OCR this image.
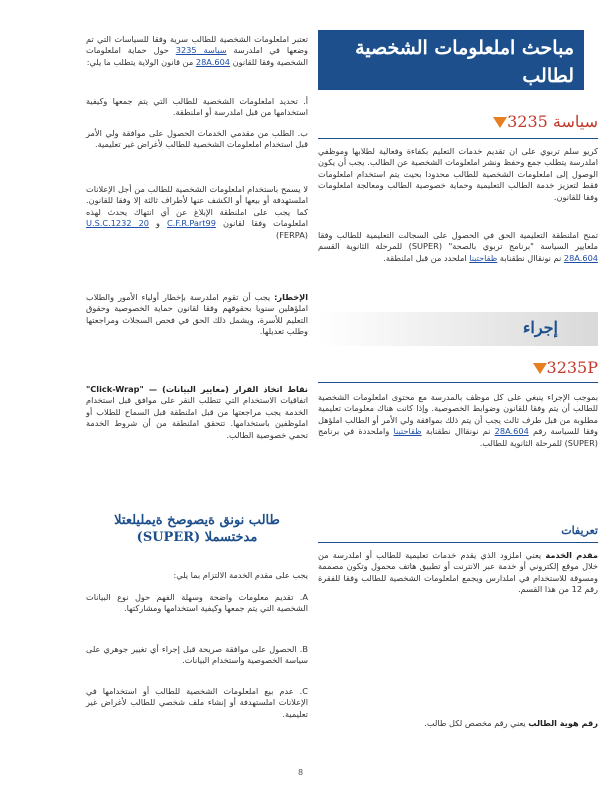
مباحث املعلومات الشخصية لطالب
سياسة 3235
كريو سلم تربوي على ان تقديم خدمات التعليم بكفاءة وفعالية لطلابها وموظفي املدرسة يتطلب جمع وحفظ ونشر املعلومات الشخصية عن الطالب. يجب أن يكون الوصول إلى املعلومات الشخصية للطالب محدودا بحيث يتم استخدام املعلومات فقط لتعزيز خدمة الطالب التعليمية وحماية خصوصية الطالب ومعالجة املعلومات وفقا للقانون.
تمنح املنطقة التعليمية الحق في الحصول على السجالت التعليمية للطالب وفقا ملعايير السياسة "برنامج تربوي بالصحة" (SUPER) للمرحلة الثانوية القسم 28A.604 نم نونقاال نطقنابة ظقاحتبنا املحدد من قبل املنطقة.
إجراء
3235P
بموجب الإجراء ينبغي على كل موظف بالمدرسة مع محتوى املعلومات الشخصية للطالب أن يتم وفقا للقانون وضوابط الخصوصية. وإذا كانت هناك معلومات تعليمية مطلوبة من قبل طرف ثالث يجب أن يتم ذلك بموافقة ولي الأمر أو الطالب املؤهل وفقا للسياسة رقم 28A.604 نم نونقاال نطقنابة ظقاحتبنا واملحددة في برنامج (SUPER) للمرحلة الثانوية للطالب.
تعريفات
مقدم الخدمة يعني املزود الذي يقدم خدمات تعليمية للطالب أو املدرسة من خلال موقع إلكتروني أو خدمة عبر الانترنت أو تطبيق هاتف محمول وتكون مصممة ومسوقة للاستخدام في املدارس ويجمع املعلومات الشخصية للطالب وفقا للفقرة رقم 12 من هذا القسم.
رقم هوية الطالب يعني رقم مخصص لكل طالب.
تعتبر املعلومات الشخصية للطالب سرية وفقا للسياسات التي تم وضعها في املدرسة سياسة 3235 حول حماية املعلومات الشخصية وفقا للقانون 28A.604 من قانون الولاية يتطلب ما يلي:
أ. تحديد املعلومات الشخصية للطالب التي يتم جمعها وكيفية استخدامها من قبل املدرسة أو املنطقة.
ب. الطلب من مقدمي الخدمات الحصول على موافقة ولي الأمر قبل استخدام املعلومات الشخصية للطالب لأغراض غير تعليمية.
لا يسمح باستخدام املعلومات الشخصية للطالب من أجل الإعلانات املستهدفة أو بيعها أو الكشف عنها لأطراف ثالثة إلا وفقا للقانون. كما يجب على املنطقة الإبلاغ عن أي انتهاك يحدث لهذه املعلومات وفقا لقانون C.F.R.Part99 و 20 U.S.C.1232 (FERPA)
الإخطار: يجب أن تقوم املدرسة بإخطار أولياء الأمور والطلاب املؤهلين سنويا بحقوقهم وفقا لقانون حماية الخصوصية وحقوق التعليم للأسرة، ويشمل ذلك الحق في فحص السجلات ومراجعتها وطلب تعديلها.
نقاط اتخاذ القرار (معايير البيانات) — "Click-Wrap" اتفاقيات الاستخدام التي تتطلب النقر على موافق قبل استخدام الخدمة يجب مراجعتها من قبل املنطقة قبل السماح للطلاب أو املوظفين باستخدامها. تتحقق املنطقة من أن شروط الخدمة تحمي خصوصية الطالب.
طالب نونق ةيصوصخ ةيمليلعتلا مدختسملا (SUPER)
يجب على مقدم الخدمة الالتزام بما يلي:
A. تقديم معلومات واضحة وسهلة الفهم حول نوع البيانات الشخصية التي يتم جمعها وكيفية استخدامها ومشاركتها.
B. الحصول على موافقة صريحة قبل إجراء أي تغيير جوهري على سياسة الخصوصية واستخدام البيانات.
C. عدم بيع املعلومات الشخصية للطالب أو استخدامها في الإعلانات املستهدفة أو إنشاء ملف شخصي للطالب لأغراض غير تعليمية.
8
